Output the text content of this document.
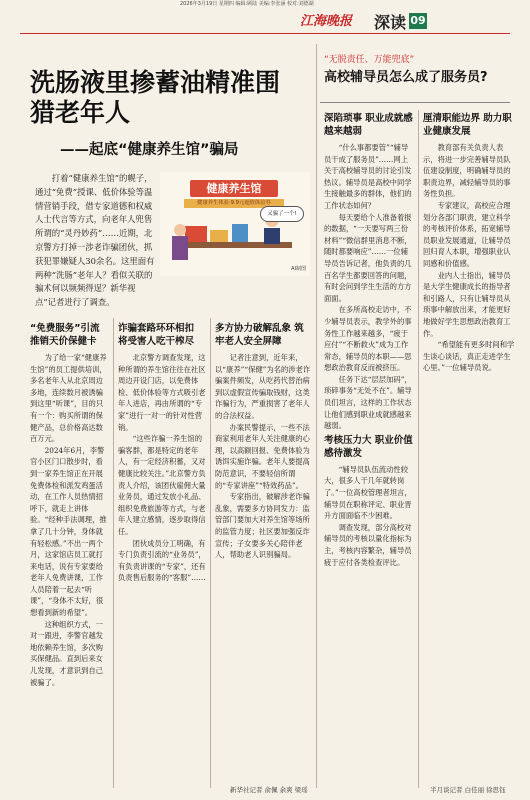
2026年3月19日 星期四 编辑:顾陆 美编:李张涵 校对:刘德湖
江海晚报 深读 09
洗肠液里掺蓄油精准围猎老年人
——起底“健康养生馆”骗局
打着“健康养生馆”的幌子，通过“免费”授课、低价体验等温情营销手段，借专家道德和权威人士代言等方式，向老年人兜售所谓的“灵丹妙药”……近期，北京警方打掉一涉老诈骗团伙，抓获犯罪嫌疑人30余名。这里面有两种“洗肠”老年人？看似关联的骗术何以频频得逞？新华视点”记者进行了调查。
健康养生馆
健康养生体验·9.9元超值体验券
又骗了一个!
AI制图
“免费服务”引流 推销天价保健卡

为了给一家“健康养生馆”的员工提供培训，多名老年人从北京周边多地，连续数月被诱骗到这里“听课”，目的只有一个：购买所谓的保健产品，总价格高达数百万元。

2024年6月，李警官小区门口散步时，看到一家养生馆正在开展免费体检和派发鸡蛋活动，在工作人员热情招呼下，就走上讲体验。“经种手法调理，推拿了几十分钟，身体就有轻松感。”不出一两个月，这家馆店员工就打来电话，说有专家要给老年人免费讲课，工作人员陪着一起去“听课”，“身体不太好，很想看到新的希望”。

这种组织方式，一对一跟进，李警官越发地依赖养生馆，多次购买保健品。直到后来女儿发现，才意识到自己被骗了。

诈骗套路环环相扣 将受害人吃干榨尽

北京警方调查发现，这种所谓的养生馆往往在社区周边开设门店，以免费体检、低价体验等方式吸引老年人进店，再由所谓的“专家”进行一对一的针对性营销。

“这些诈骗一养生馆的骗客群，都是特定的老年人，有一定经济积蓄，又对健康比较关注。”北京警方负责人介绍，该团伙雇佣大量业务员，通过发放小礼品、组织免费旅游等方式，与老年人建立感情，逐步取得信任。

团伙成员分工明确，有专门负责引流的“业务员”，有负责讲课的“专家”，还有负责售后服务的“客服”……

多方协力破解乱象 筑牢老人安全屏障

记者注意到，近年来，以“康养”“保健”为名的涉老诈骗案件频发，从吃药代替治病到以虚假宣传骗取钱财，这类诈骗行为，严重损害了老年人的合法权益。

办案民警提示，一些不法商家利用老年人关注健康的心理，以高额回报、免费体验为诱饵实施诈骗。老年人要提高防范意识，不要轻信所谓的“专家讲座”“特效药品”。

专家指出，破解涉老诈骗乱象，需要多方协同发力：监管部门要加大对养生馆等场所的监管力度；社区要加强反诈宣传；子女要多关心陪伴老人，帮助老人识别骗局。

新华社记者 俞佩 余爽 梁瑶
“无脱责任、万能兜底”
高校辅导员怎么成了服务员?
深陷琐事 职业成就感越来越弱

“什么事都要管”“辅导员干成了服务员”……网上关于高校辅导员的讨论引发热议。辅导员是高校中同学生接触最多的群体，他们的工作状态如何？

每天要给个人准备着报的数据，“一天要写两三份材料”“微信群里消息不断，随时都要响应”……一位辅导员告诉记者，他负责的几百名学生都要回答的问题，有时会问到学生生活的方方面面。

在多所高校走访中，不少辅导员表示，教学外的事务性工作越来越多，“疲于应付”“不断救火”成为工作常态，辅导员的本职——思想政治教育反而被挤压。

任务下达“层层加码”，琐碎事务“无处不在”。辅导员们坦言，这样的工作状态让他们感到职业成就感越来越弱。

考核压力大 职业价值感待激发

“辅导员队伍流动性较大，很多人干几年就转岗了。”一位高校管理者坦言，辅导员在职称评定、职业晋升方面面临不少困难。

调查发现，部分高校对辅导员的考核以量化指标为主，考核内容繁杂，辅导员疲于应付各类检查评比。

厘清职能边界 助力职业健康发展

教育部有关负责人表示，将进一步完善辅导员队伍建设制度，明确辅导员的职责边界，减轻辅导员的事务性负担。

专家建议，高校应合理划分各部门职责，建立科学的考核评价体系，拓宽辅导员职业发展通道，让辅导员回归育人本职，增强职业认同感和价值感。

业内人士指出，辅导员是大学生健康成长的指导者和引路人，只有让辅导员从琐事中解放出来，才能更好地做好学生思想政治教育工作。

“希望能有更多时间和学生谈心谈话，真正走进学生心里。”一位辅导员说。

半月谈记者 白佳丽 徐思钰
